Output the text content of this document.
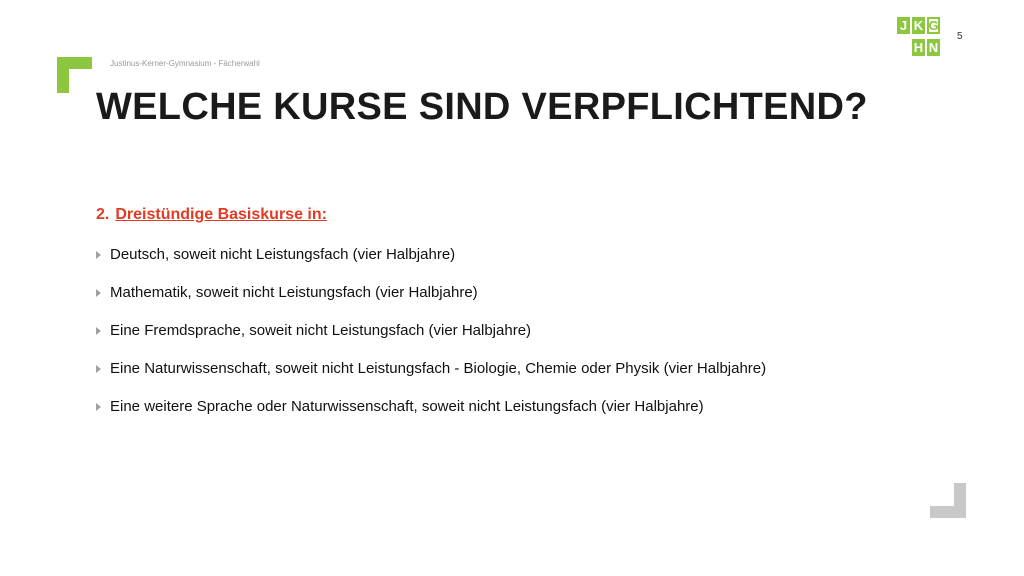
Justinus-Kerner-Gymnasium - Fächerwahl
WELCHE KURSE SIND VERPFLICHTEND?
5
J K G
H N
2. Dreistündige Basiskurse in:
Deutsch, soweit nicht Leistungsfach (vier Halbjahre)
Mathematik, soweit nicht Leistungsfach (vier Halbjahre)
Eine Fremdsprache, soweit nicht Leistungsfach (vier Halbjahre)
Eine Naturwissenschaft, soweit nicht Leistungsfach - Biologie, Chemie oder Physik (vier Halbjahre)
Eine weitere Sprache oder Naturwissenschaft, soweit nicht Leistungsfach (vier Halbjahre)
